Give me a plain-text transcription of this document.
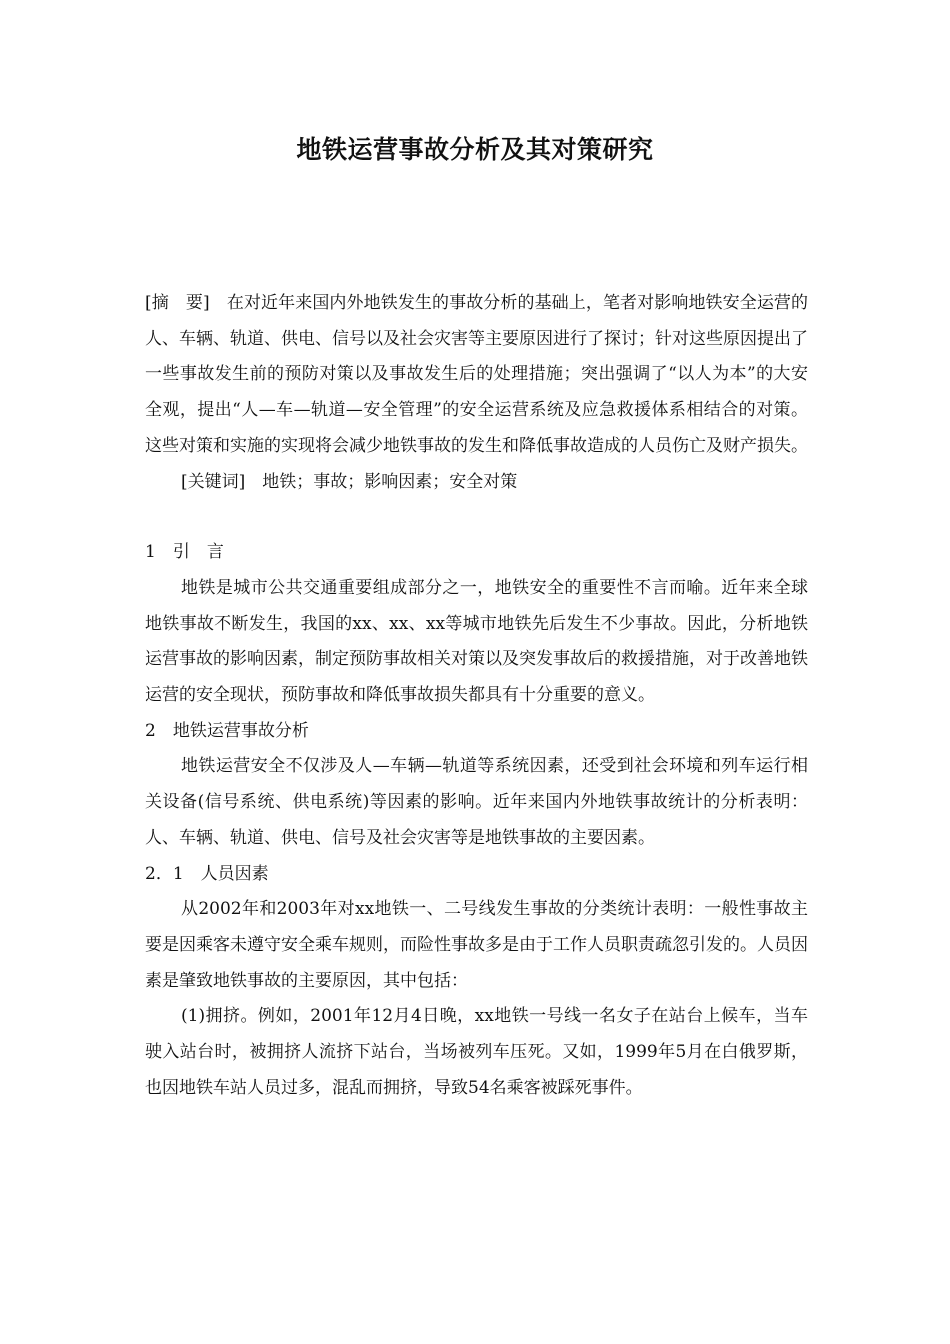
地铁运营事故分析及其对策研究

[摘　要]　 在对近年来国内外地铁发生的事故分析的基础上，笔者对影响地铁安全运营的人、车辆、轨道、供电、信号以及社会灾害等主要原因进行了探讨；针对这些原因提出了一些事故发生前的预防对策以及事故发生后的处理措施；突出强调了“以人为本”的大安全观，提出“人—车—轨道—安全管理”的安全运营系统及应急救援体系相结合的对策。这些对策和实施的实现将会减少地铁事故的发生和降低事故造成的人员伤亡及财产损失。

[关键词]　 地铁；事故；影响因素；安全对策

1　引　言

地铁是城市公共交通重要组成部分之一，地铁安全的重要性不言而喻。近年来全球地铁事故不断发生，我国的xx、xx、xx等城市地铁先后发生不少事故。因此，分析地铁运营事故的影响因素，制定预防事故相关对策以及突发事故后的救援措施，对于改善地铁运营的安全现状，预防事故和降低事故损失都具有十分重要的意义。

2　地铁运营事故分析

地铁运营安全不仅涉及人—车辆—轨道等系统因素，还受到社会环境和列车运行相关设备(信号系统、供电系统)等因素的影响。近年来国内外地铁事故统计的分析表明：人、车辆、轨道、供电、信号及社会灾害等是地铁事故的主要因素。

2．1　人员因素

从2002年和2003年对xx地铁一、二号线发生事故的分类统计表明：一般性事故主要是因乘客未遵守安全乘车规则，而险性事故多是由于工作人员职责疏忽引发的。人员因素是肇致地铁事故的主要原因，其中包括：

(1)拥挤。例如，2001年12月4日晚，xx地铁一号线一名女子在站台上候车，当车驶入站台时，被拥挤人流挤下站台，当场被列车压死。又如，1999年5月在白俄罗斯，也因地铁车站人员过多，混乱而拥挤，导致54名乘客被踩死事件。
